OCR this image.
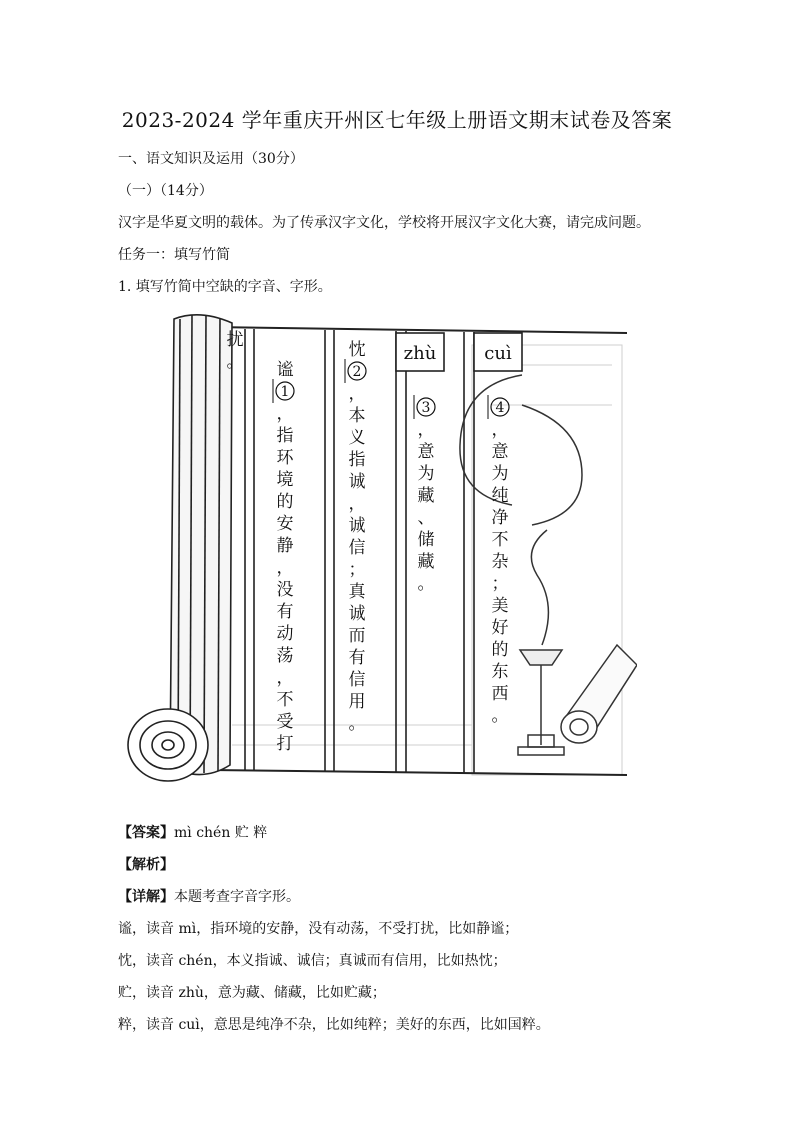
2023-2024 学年重庆开州区七年级上册语文期末试卷及答案
一、语文知识及运用（30分）
（一）（14分）
汉字是华夏文明的载体。为了传承汉字文化，学校将开展汉字文化大赛，请完成问题。
任务一：填写竹简
1. 填写竹简中空缺的字音、字形。
扰
。 谧
1
，
指
环
境
的
安
静
，
没
有
动
荡
，
不
受
打
忱
2
，
本
义
指
诚
，
诚
信
；
真
诚
而
有
信
用
。
3
，
意
为
藏
、
储
藏
。
4
，
意
为
纯
净
不
杂
；
美
好
的
东
西
。
zhù	cuì
【答案】mì chén 贮 粹
【解析】
【详解】本题考查字音字形。
谧，读音 mì，指环境的安静，没有动荡，不受打扰，比如静谧；
忱，读音 chén，本义指诚、诚信；真诚而有信用，比如热忱；
贮，读音 zhù，意为藏、储藏，比如贮藏；
粹，读音 cuì，意思是纯净不杂，比如纯粹；美好的东西，比如国粹。
